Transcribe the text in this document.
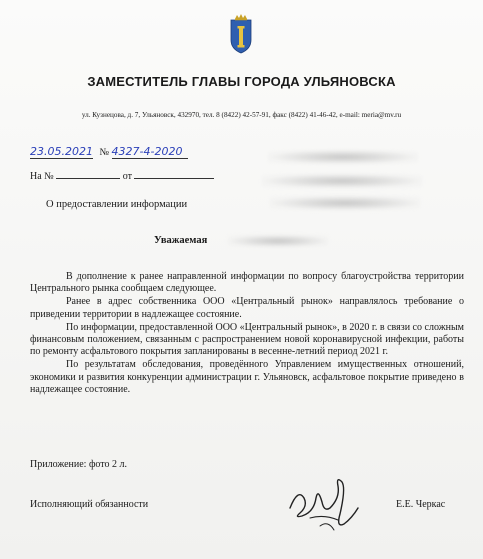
ЗАМЕСТИТЕЛЬ ГЛАВЫ ГОРОДА УЛЬЯНОВСКА
ул. Кузнецова, д. 7, Ульяновск, 432970, тел. 8 (8422) 42-57-91, факс (8422) 41-46-42, e-mail: meria@mv.ru
23.05.2021 № 4327-4-2020
На №	от
О предоставлении информации
Уважаемая

В дополнение к ранее направленной информации по вопросу благоустройства территории Центрального рынка сообщаем следующее.

Ранее в адрес собственника ООО «Центральный рынок» направлялось требование о приведении территории в надлежащее состояние.

По информации, предоставленной ООО «Центральный рынок», в 2020 г. в связи со сложным финансовым положением, связанным с распространением новой коронавирусной инфекции, работы по ремонту асфальтового покрытия запланированы в весенне-летний период 2021 г.

По результатам обследования, проведённого Управлением имущественных отношений, экономики и развития конкуренции администрации г. Ульяновск, асфальтовое покрытие приведено в надлежащее состояние.

Приложение: фото 2 л.
Исполняющий обязанности	Е.Е. Черкас
